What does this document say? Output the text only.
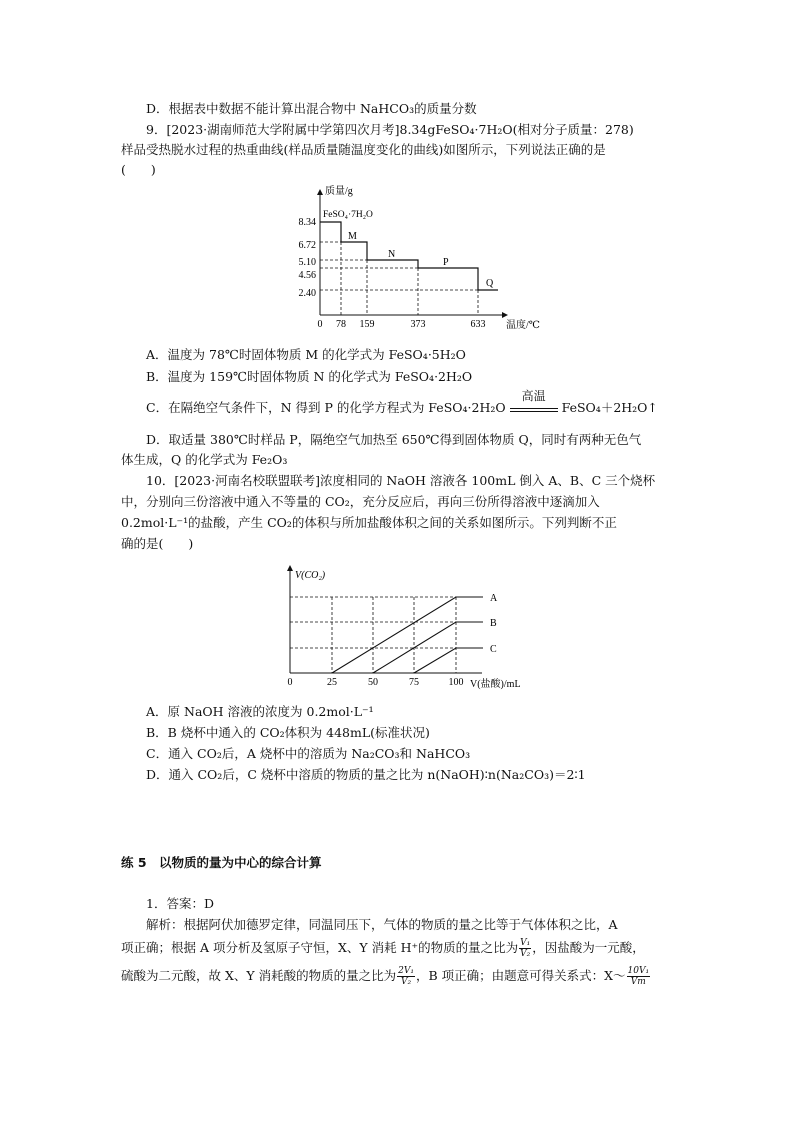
D．根据表中数据不能计算出混合物中 NaHCO₃的质量分数
9．[2023·湖南师范大学附属中学第四次月考]8.34gFeSO₄·7H₂O(相对分子质量：278)
样品受热脱水过程的热重曲线(样品质量随温度变化的曲线)如图所示，下列说法正确的是
(　　)
质量/g
温度/℃
8.34
6.72
5.10
4.56
2.40
0 78 159	373	633
FeSO₄·7H₂O
M
N
P
Q
A．温度为 78℃时固体物质 M 的化学式为 FeSO₄·5H₂O
B．温度为 159℃时固体物质 N 的化学式为 FeSO₄·2H₂O
C．在隔绝空气条件下，N 得到 P 的化学方程式为 FeSO₄·2H₂O
高温
FeSO₄＋2H₂O↑
D．取适量 380℃时样品 P，隔绝空气加热至 650℃得到固体物质 Q，同时有两种无色气
体生成，Q 的化学式为 Fe₂O₃
10．[2023·河南名校联盟联考]浓度相同的 NaOH 溶液各 100mL 倒入 A、B、C 三个烧杯
中，分别向三份溶液中通入不等量的 CO₂，充分反应后，再向三份所得溶液中逐滴加入
0.2mol·L⁻¹的盐酸，产生 CO₂的体积与所加盐酸体积之间的关系如图所示。下列判断不正
确的是(　　)
V(CO₂)
V(盐酸)/mL
0	25	50	75	100
A
B
C
A．原 NaOH 溶液的浓度为 0.2mol·L⁻¹
B．B 烧杯中通入的 CO₂体积为 448mL(标准状况)
C．通入 CO₂后，A 烧杯中的溶质为 Na₂CO₃和 NaHCO₃
D．通入 CO₂后，C 烧杯中溶质的物质的量之比为 n(NaOH)∶n(Na₂CO₃)＝2∶1
练 5　以物质的量为中心的综合计算
1．答案：D
解析：根据阿伏加德罗定律，同温同压下，气体的物质的量之比等于气体体积之比，A
项正确；根据 A 项分析及氢原子守恒，X、Y 消耗 H⁺的物质的量之比为 $\frac{\text{V₁}}{\text{V₂}}$ ，因盐酸为一元酸，
硫酸为二元酸，故 X、Y 消耗酸的物质的量之比为 $\frac{\text{2V₁}}{\text{V₂}}$ ，B 项正确；由题意可得关系式：X～ $\frac{\text{10V₁}}{Vm}$
